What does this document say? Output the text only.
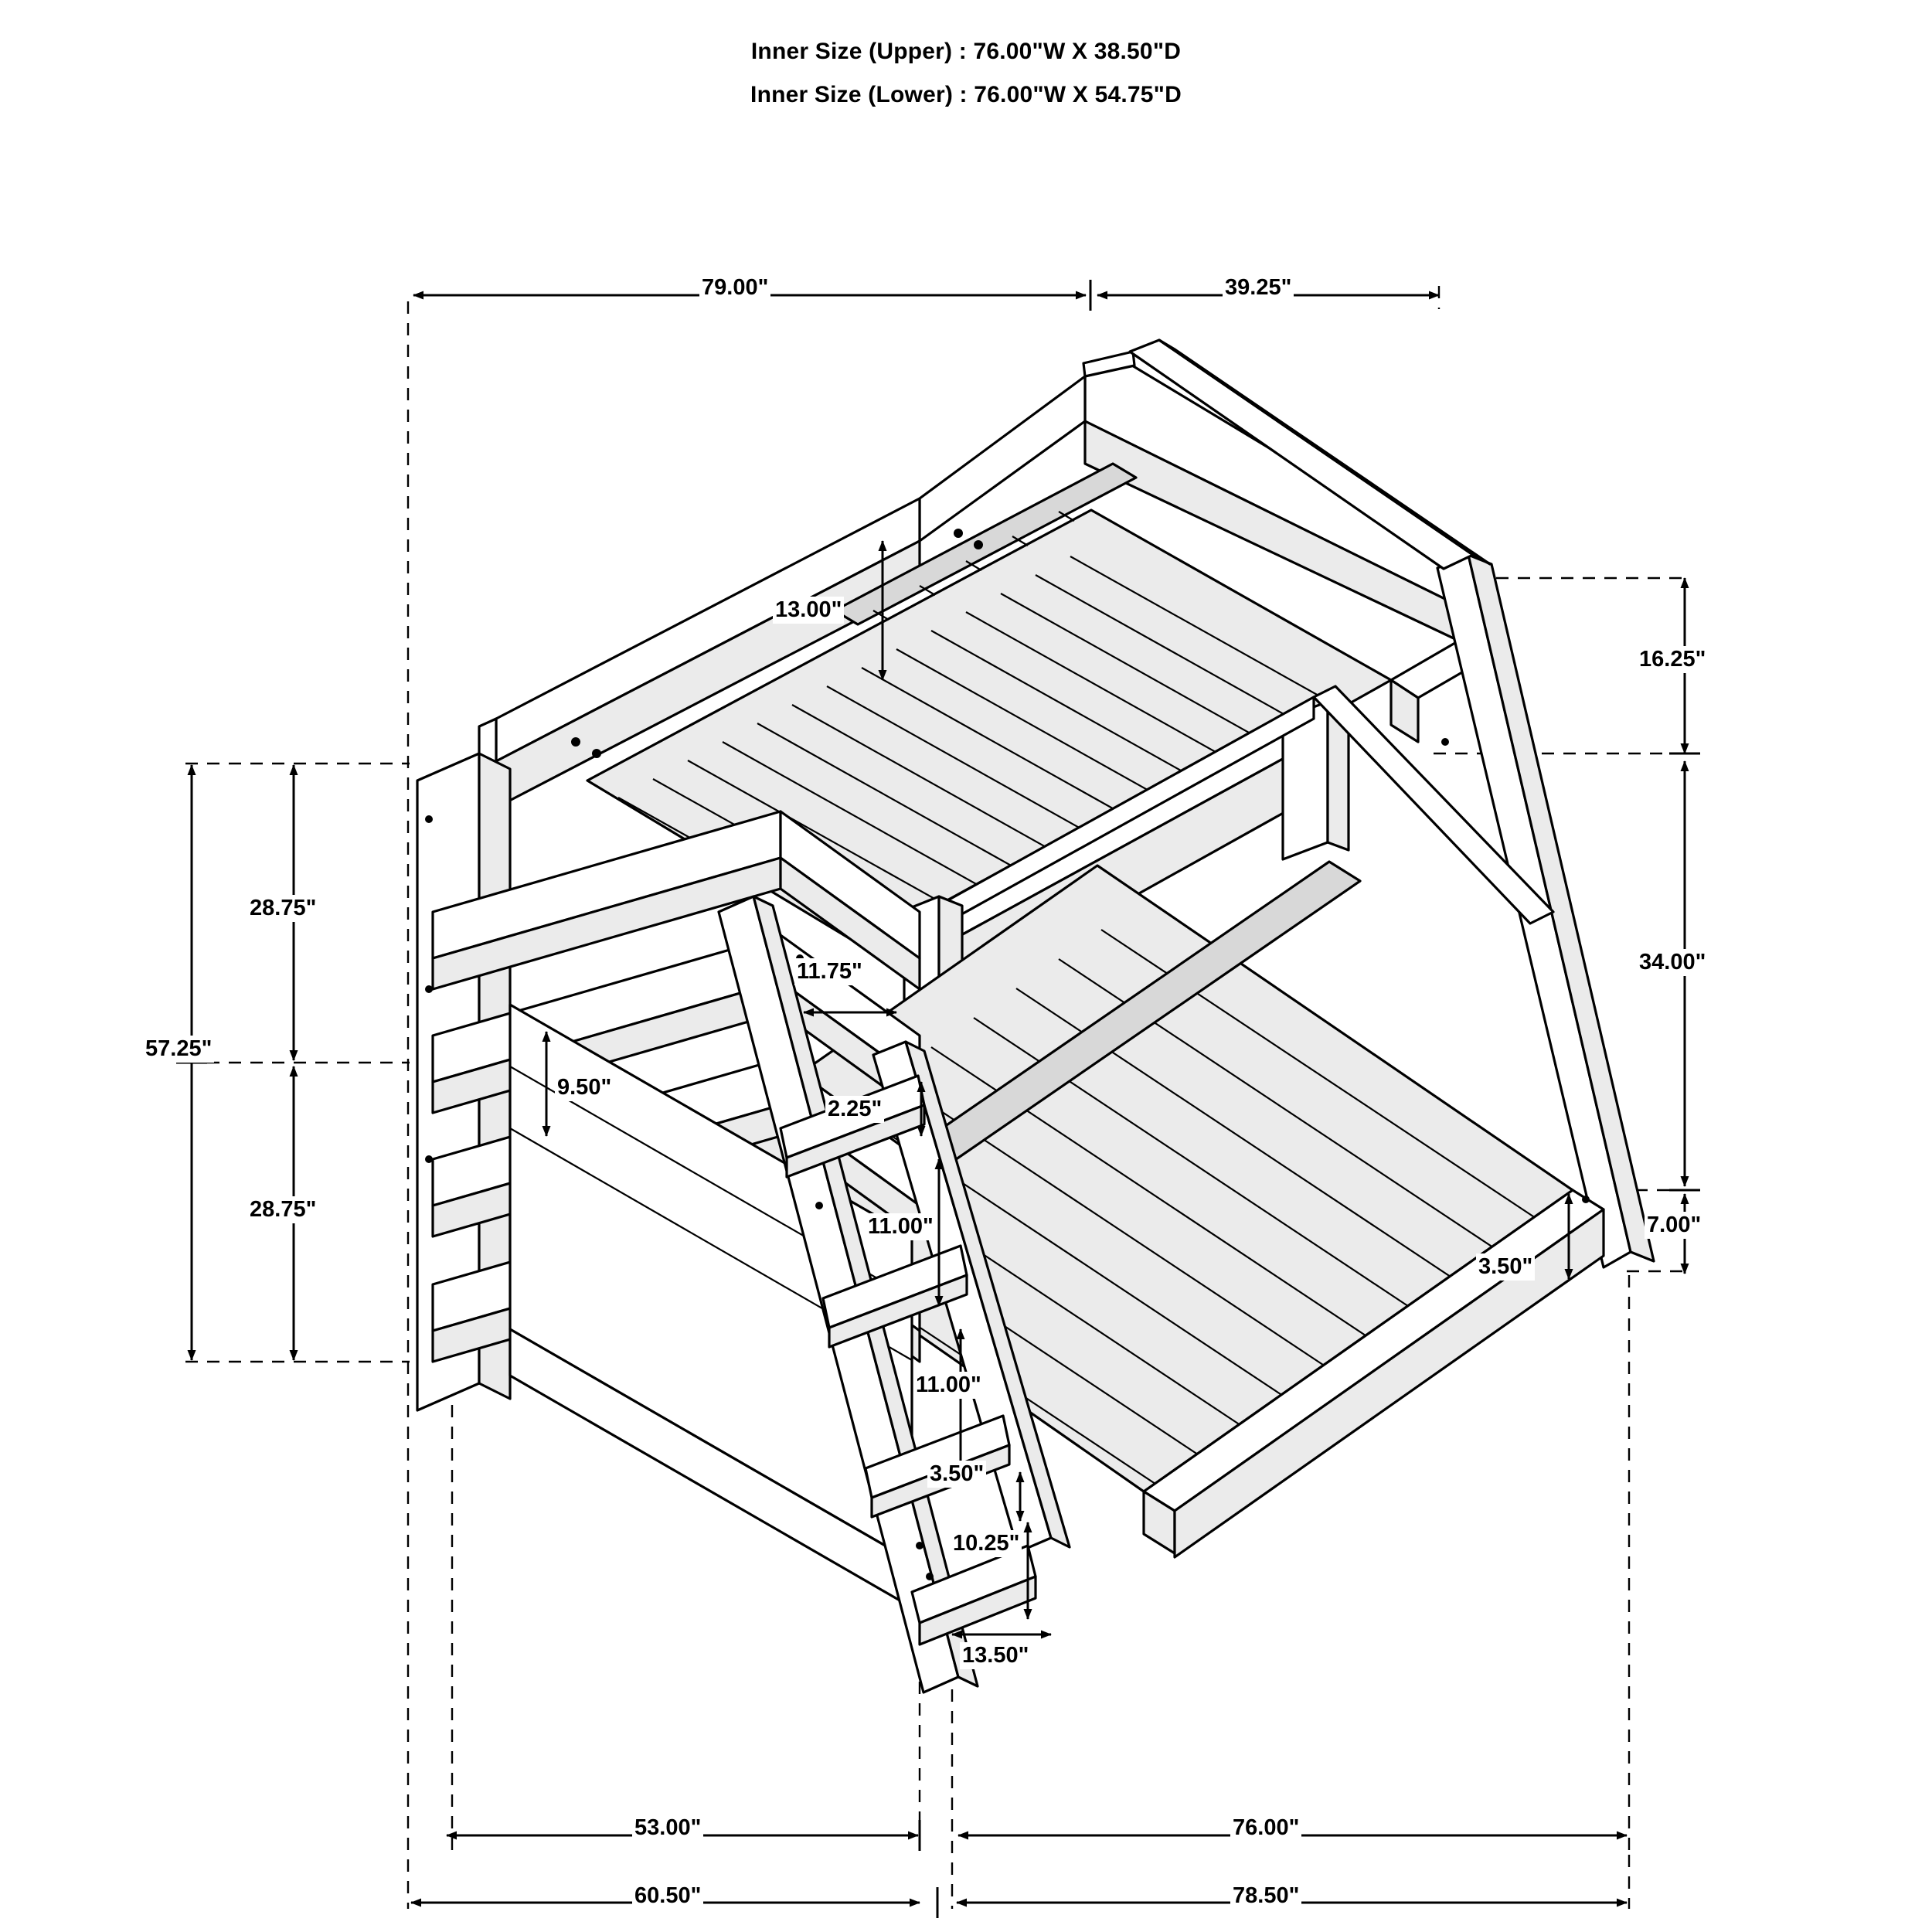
Inner Size (Upper) : 76.00"W X 38.50"D
Inner Size (Lower) : 76.00"W X 54.75"D
79.00"	39.25"
16.25"
34.00"
7.00"
3.50"
57.25"
28.75"
28.75"
13.00"
9.50"
11.75"
2.25"
11.00"
11.00"
3.50"
10.25"
13.50"
53.00"	76.00"
60.50"	78.50"
